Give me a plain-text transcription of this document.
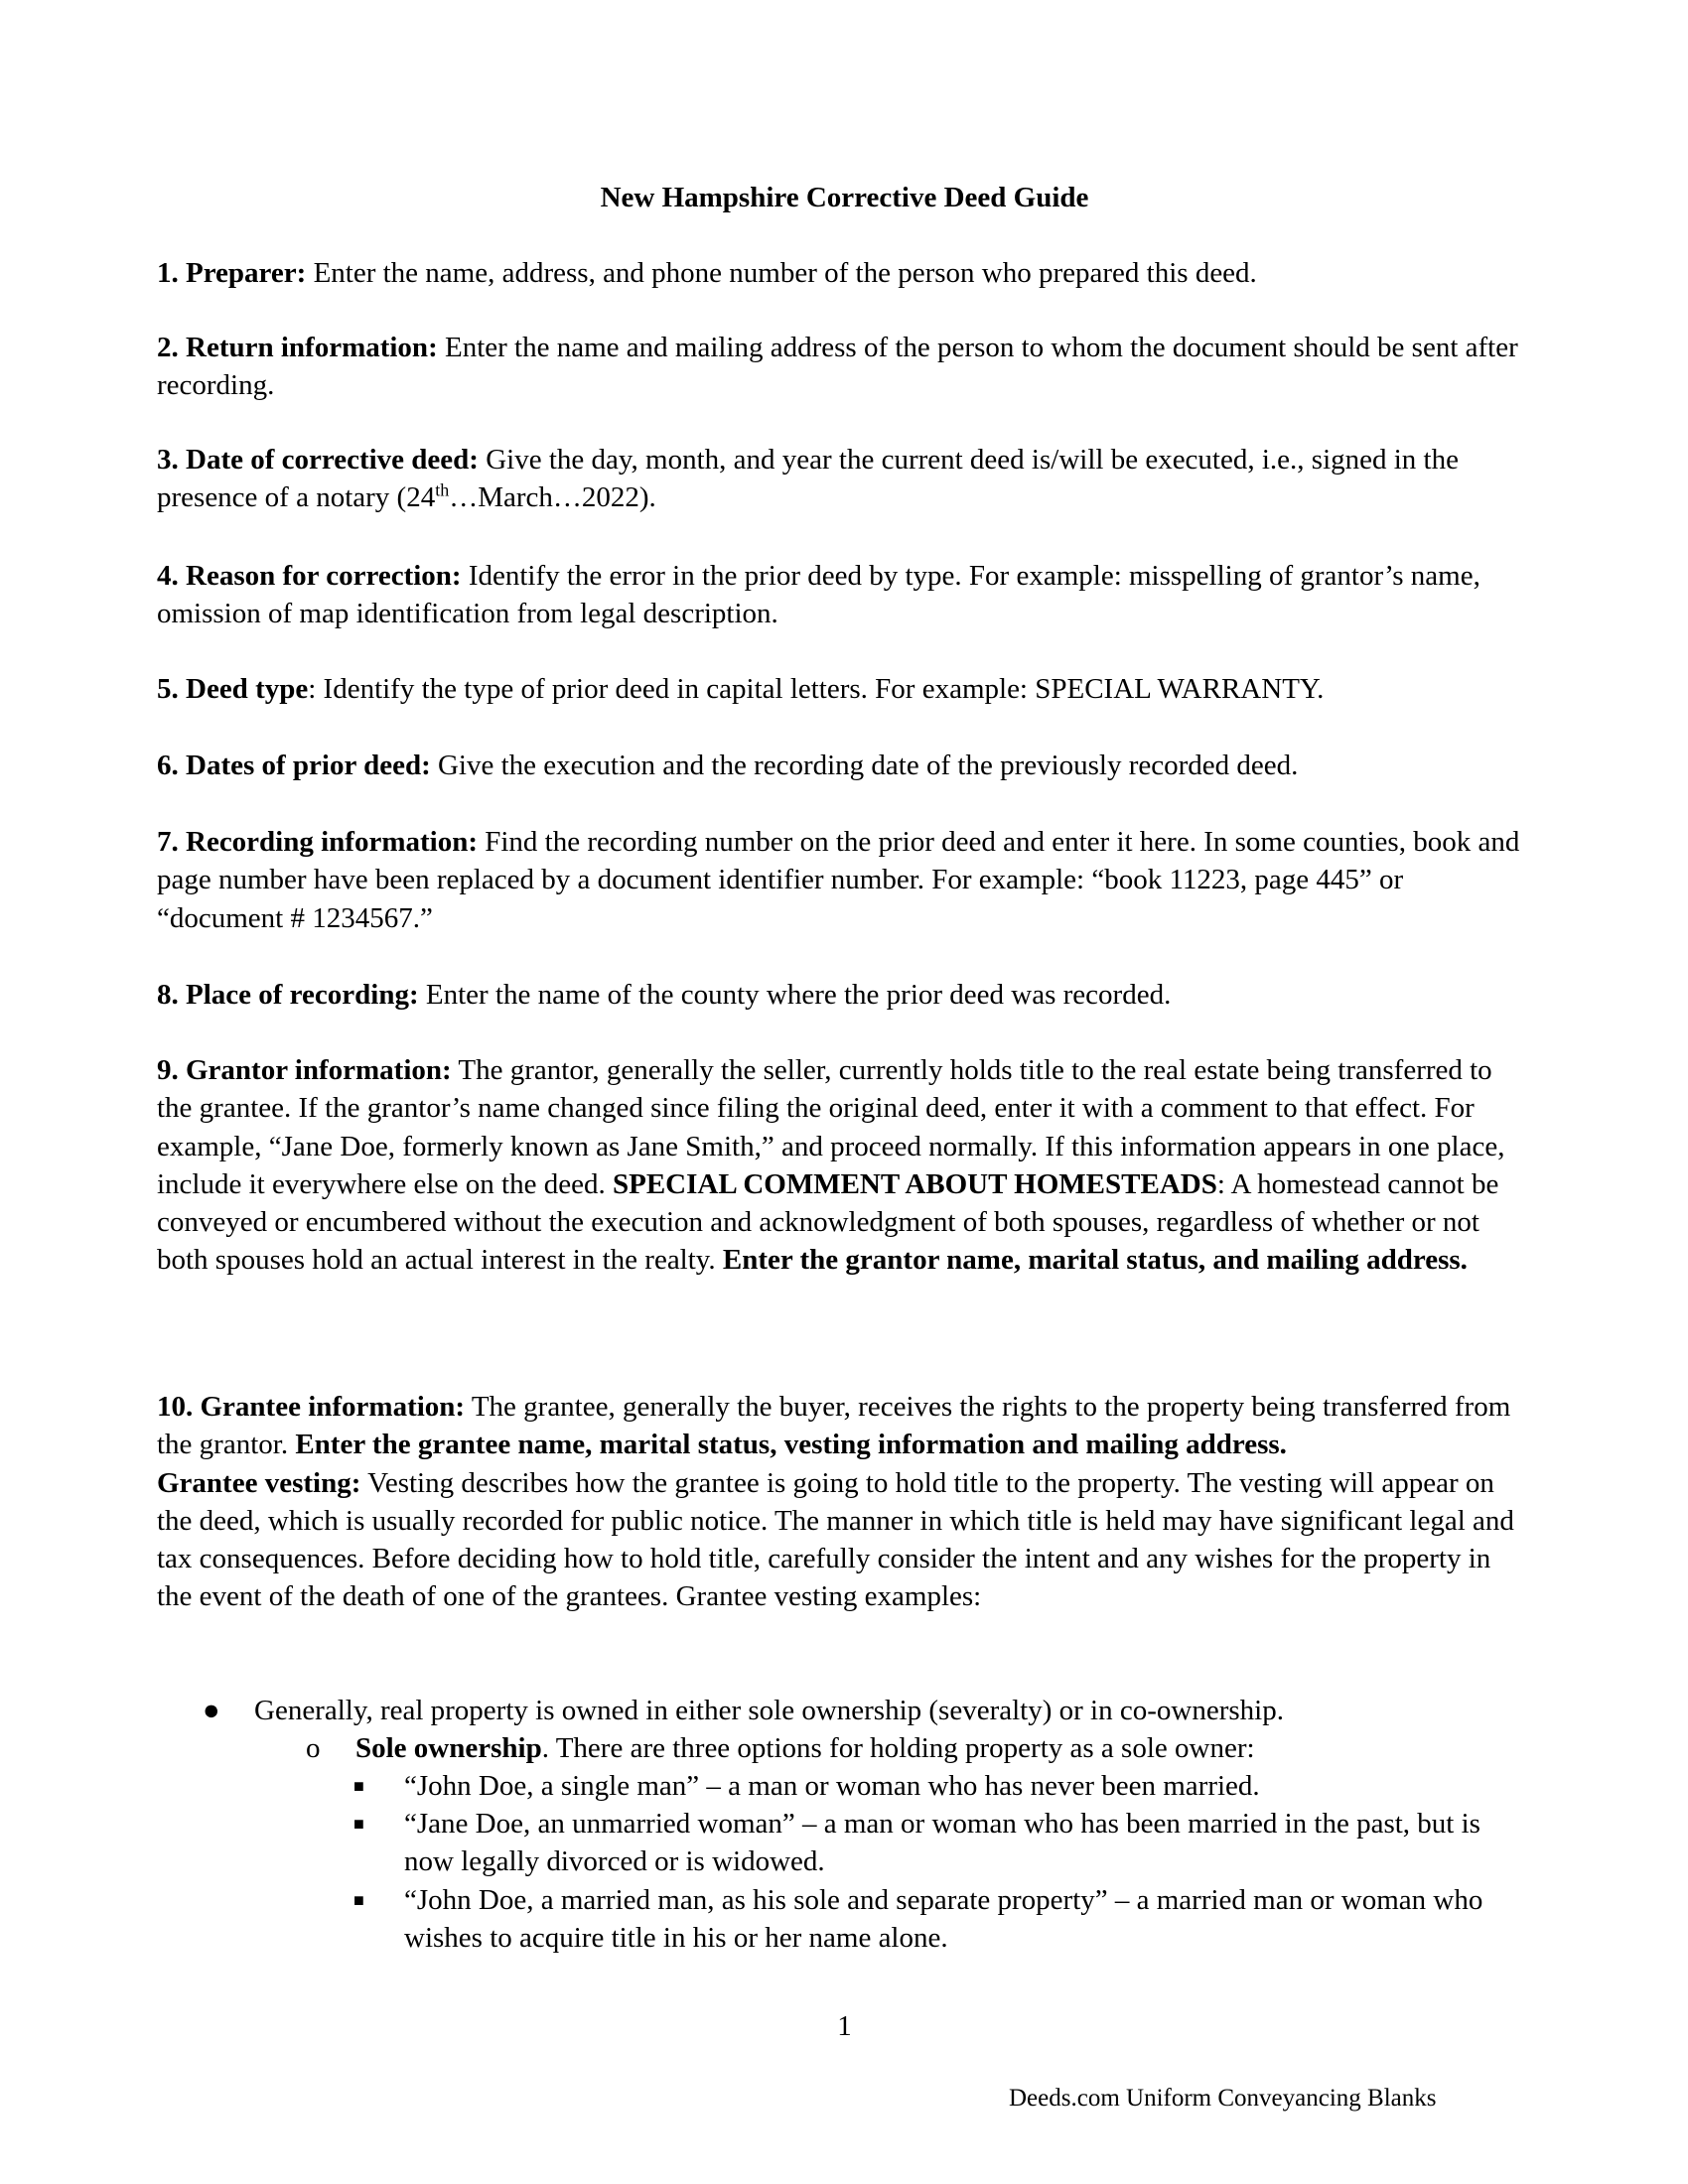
New Hampshire Corrective Deed Guide
1. Preparer: Enter the name, address, and phone number of the person who prepared this deed.
2. Return information: Enter the name and mailing address of the person to whom the document should be sent after recording.
3. Date of corrective deed: Give the day, month, and year the current deed is/will be executed, i.e., signed in the presence of a notary (24th…March…2022).
4. Reason for correction: Identify the error in the prior deed by type. For example: misspelling of grantor’s name, omission of map identification from legal description.
5. Deed type: Identify the type of prior deed in capital letters. For example: SPECIAL WARRANTY.
6. Dates of prior deed: Give the execution and the recording date of the previously recorded deed.
7. Recording information: Find the recording number on the prior deed and enter it here. In some counties, book and page number have been replaced by a document identifier number. For example: “book 11223, page 445” or “document # 1234567.”
8. Place of recording: Enter the name of the county where the prior deed was recorded.
9. Grantor information: The grantor, generally the seller, currently holds title to the real estate being transferred to the grantee. If the grantor’s name changed since filing the original deed, enter it with a comment to that effect. For example, “Jane Doe, formerly known as Jane Smith,” and proceed normally. If this information appears in one place, include it everywhere else on the deed. SPECIAL COMMENT ABOUT HOMESTEADS: A homestead cannot be conveyed or encumbered without the execution and acknowledgment of both spouses, regardless of whether or not both spouses hold an actual interest in the realty. Enter the grantor name, marital status, and mailing address.
10. Grantee information: The grantee, generally the buyer, receives the rights to the property being transferred from the grantor. Enter the grantee name, marital status, vesting information and mailing address.
Grantee vesting: Vesting describes how the grantee is going to hold title to the property. The vesting will appear on the deed, which is usually recorded for public notice. The manner in which title is held may have significant legal and tax consequences. Before deciding how to hold title, carefully consider the intent and any wishes for the property in the event of the death of one of the grantees. Grantee vesting examples:
● Generally, real property is owned in either sole ownership (severalty) or in co-ownership.
o Sole ownership. There are three options for holding property as a sole owner:
■ “John Doe, a single man” – a man or woman who has never been married.
■ “Jane Doe, an unmarried woman” – a man or woman who has been married in the past, but is now legally divorced or is widowed.
■ “John Doe, a married man, as his sole and separate property” – a married man or woman who wishes to acquire title in his or her name alone.
1
Deeds.com Uniform Conveyancing Blanks
